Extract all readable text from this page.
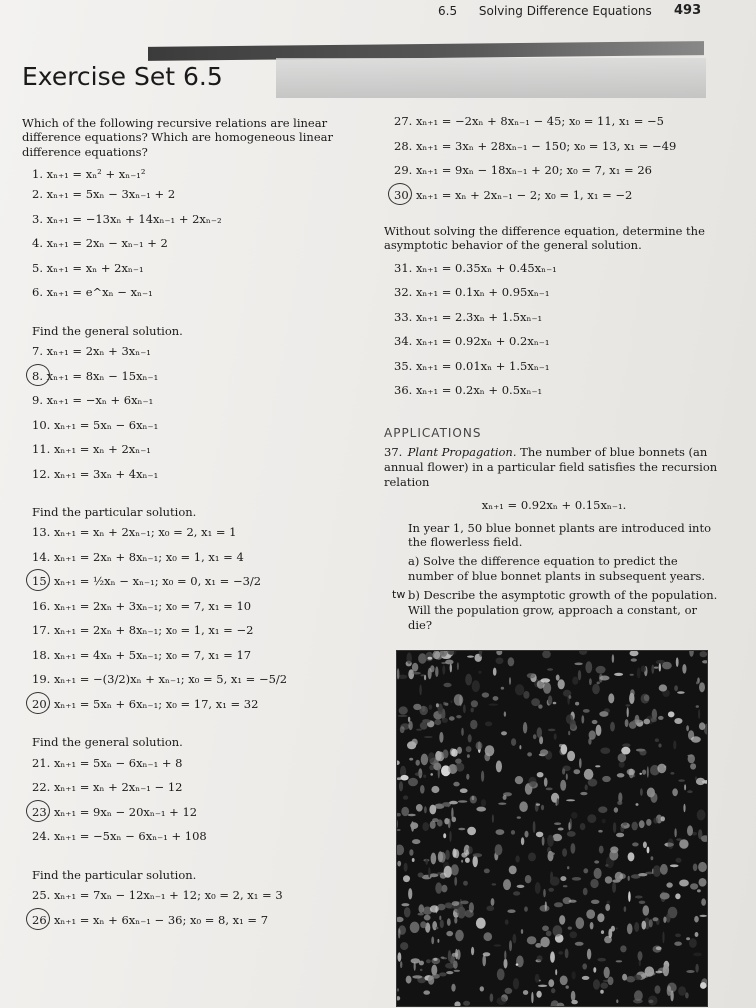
6.5 Solving Difference Equations 493
Exercise Set 6.5

Which of the following recursive relations are linear difference equations? Which are homogeneous linear difference equations?

1. xₙ₊₁ = xₙ² + xₙ₋₁²
2. xₙ₊₁ = 5xₙ − 3xₙ₋₁ + 2
3. xₙ₊₁ = −13xₙ + 14xₙ₋₁ + 2xₙ₋₂
4. xₙ₊₁ = 2xₙ − xₙ₋₁ + 2
5. xₙ₊₁ = xₙ + 2xₙ₋₁
6. xₙ₊₁ = e^xₙ − xₙ₋₁
Find the general solution.
7. xₙ₊₁ = 2xₙ + 3xₙ₋₁
8. xₙ₊₁ = 8xₙ − 15xₙ₋₁
9. xₙ₊₁ = −xₙ + 6xₙ₋₁
10. xₙ₊₁ = 5xₙ − 6xₙ₋₁
11. xₙ₊₁ = xₙ + 2xₙ₋₁
12. xₙ₊₁ = 3xₙ + 4xₙ₋₁
Find the particular solution.
13. xₙ₊₁ = xₙ + 2xₙ₋₁; x₀ = 2, x₁ = 1
14. xₙ₊₁ = 2xₙ + 8xₙ₋₁; x₀ = 1, x₁ = 4
15. xₙ₊₁ = ½xₙ − xₙ₋₁; x₀ = 0, x₁ = −3/2
16. xₙ₊₁ = 2xₙ + 3xₙ₋₁; x₀ = 7, x₁ = 10
17. xₙ₊₁ = 2xₙ + 8xₙ₋₁; x₀ = 1, x₁ = −2
18. xₙ₊₁ = 4xₙ + 5xₙ₋₁; x₀ = 7, x₁ = 17
19. xₙ₊₁ = −(3/2)xₙ + xₙ₋₁; x₀ = 5, x₁ = −5/2
20. xₙ₊₁ = 5xₙ + 6xₙ₋₁; x₀ = 17, x₁ = 32
Find the general solution.
21. xₙ₊₁ = 5xₙ − 6xₙ₋₁ + 8
22. xₙ₊₁ = xₙ + 2xₙ₋₁ − 12
23. xₙ₊₁ = 9xₙ − 20xₙ₋₁ + 12
24. xₙ₊₁ = −5xₙ − 6xₙ₋₁ + 108
Find the particular solution.
25. xₙ₊₁ = 7xₙ − 12xₙ₋₁ + 12; x₀ = 2, x₁ = 3
26. xₙ₊₁ = xₙ + 6xₙ₋₁ − 36; x₀ = 8, x₁ = 7
27. xₙ₊₁ = −2xₙ + 8xₙ₋₁ − 45; x₀ = 11, x₁ = −5
28. xₙ₊₁ = 3xₙ + 28xₙ₋₁ − 150; x₀ = 13, x₁ = −49
29. xₙ₊₁ = 9xₙ − 18xₙ₋₁ + 20; x₀ = 7, x₁ = 26
30. xₙ₊₁ = xₙ + 2xₙ₋₁ − 2; x₀ = 1, x₁ = −2

Without solving the difference equation, determine the asymptotic behavior of the general solution.

31. xₙ₊₁ = 0.35xₙ + 0.45xₙ₋₁
32. xₙ₊₁ = 0.1xₙ + 0.95xₙ₋₁
33. xₙ₊₁ = 2.3xₙ + 1.5xₙ₋₁
34. xₙ₊₁ = 0.92xₙ + 0.2xₙ₋₁
35. xₙ₊₁ = 0.01xₙ + 1.5xₙ₋₁
36. xₙ₊₁ = 0.2xₙ + 0.5xₙ₋₁
APPLICATIONS
37. Plant Propagation. The number of blue bonnets (an annual flower) in a particular field satisfies the recursion relation
xₙ₊₁ = 0.92xₙ + 0.15xₙ₋₁.
In year 1, 50 blue bonnet plants are introduced into the flowerless field.
a) Solve the difference equation to predict the number of blue bonnet plants in subsequent years.
tw b) Describe the asymptotic growth of the population. Will the population grow, approach a constant, or die?
